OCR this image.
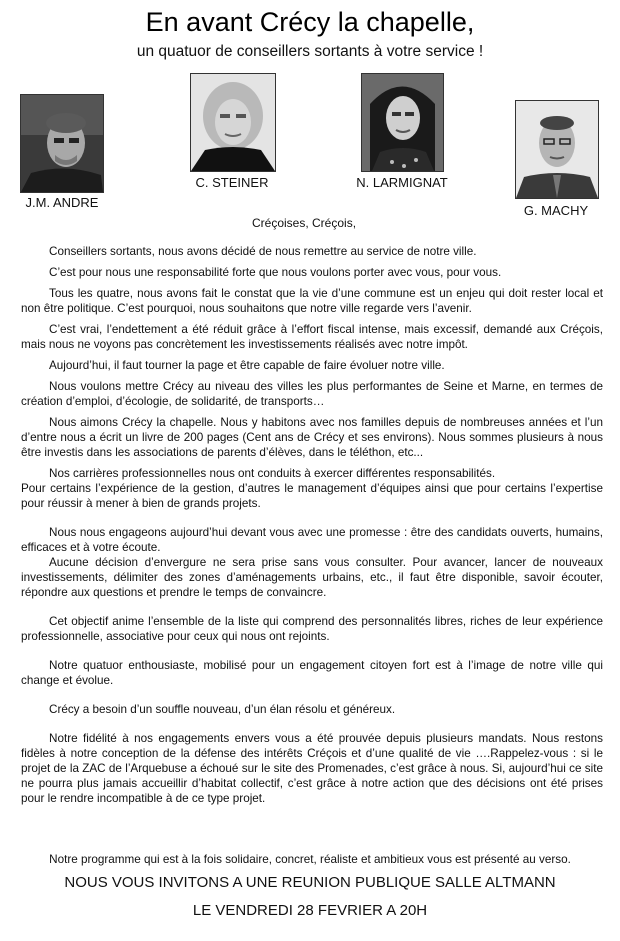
En avant Crécy la chapelle,
un quatuor de conseillers sortants à votre service !
J.M. ANDRE
C. STEINER	N. LARMIGNAT
G. MACHY
Créçoises, Créçois,

Conseillers sortants, nous avons décidé de nous remettre au service de notre ville.

C’est pour nous une responsabilité forte que nous voulons porter avec vous, pour vous.

Tous les quatre, nous avons fait le constat que la vie d’une commune est un enjeu qui doit rester local et non être politique. C’est pourquoi, nous souhaitons que notre ville regarde vers l’avenir.

C’est vrai, l’endettement a été réduit grâce à l’effort fiscal intense, mais excessif, demandé aux Créçois, mais nous ne voyons pas concrètement les investissements réalisés avec notre impôt.

Aujourd’hui, il faut tourner la page et être capable de faire évoluer notre ville.

Nous voulons mettre Crécy au niveau des villes les plus performantes de Seine et Marne, en termes de création d’emploi, d’écologie, de solidarité, de transports…

Nous aimons Crécy la chapelle. Nous y habitons avec nos familles depuis de nombreuses années et l’un d’entre nous a écrit un livre de 200 pages (Cent ans de Crécy et ses environs). Nous sommes plusieurs à nous être investis dans les associations de parents d’élèves, dans le téléthon, etc...

Nos carrières professionnelles nous ont conduits à exercer différentes responsabilités.

Pour certains l’expérience de la gestion, d’autres le management d’équipes ainsi que pour certains l’expertise pour réussir à mener à bien de grands projets.

Nous nous engageons aujourd’hui devant vous avec une promesse : être des candidats ouverts, humains, efficaces et à votre écoute.

Aucune décision d’envergure ne sera prise sans vous consulter. Pour avancer, lancer de nouveaux investissements, délimiter des zones d’aménagements urbains, etc., il faut être disponible, savoir écouter, répondre aux questions et prendre le temps de convaincre.

Cet objectif anime l’ensemble de la liste qui comprend des personnalités libres, riches de leur expérience professionnelle, associative pour ceux qui nous ont rejoints.

Notre quatuor enthousiaste, mobilisé pour un engagement citoyen fort est à l’image de notre ville qui change et évolue.

Crécy a besoin d’un souffle nouveau, d’un élan résolu et généreux.

Notre fidélité à nos engagements envers vous a été prouvée depuis plusieurs mandats. Nous restons fidèles à notre conception de la défense des intérêts Créçois et d’une qualité de vie ….Rappelez-vous : si le projet de la ZAC de l’Arquebuse a échoué sur le site des Promenades, c’est grâce à nous. Si, aujourd’hui ce site ne pourra plus jamais accueillir d’habitat collectif, c’est grâce à notre action que des décisions ont été prises pour le rendre incompatible à de ce type projet.

Notre programme qui est à la fois solidaire, concret, réaliste et ambitieux vous est présenté au verso.
NOUS VOUS INVITONS A UNE REUNION PUBLIQUE SALLE ALTMANN
LE VENDREDI 28 FEVRIER A 20H
